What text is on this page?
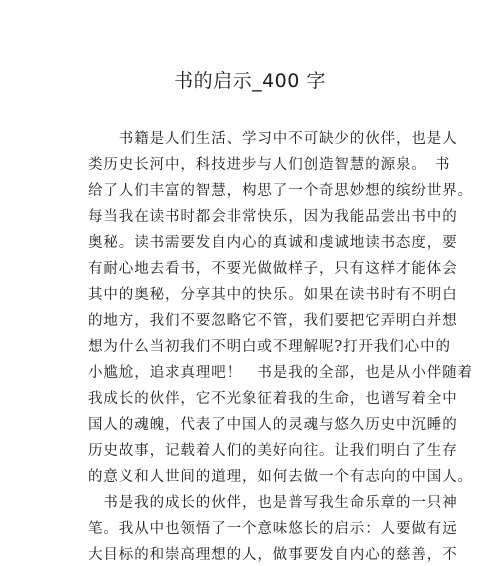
书的启示_400 字
　　书籍是人们生活、学习中不可缺少的伙伴，也是人
类历史长河中，科技进步与人们创造智慧的源泉。　书
给了人们丰富的智慧，构思了一个奇思妙想的缤纷世界。
每当我在读书时都会非常快乐，因为我能品尝出书中的
奥秘。读书需要发自内心的真诚和虔诚地读书态度，要
有耐心地去看书，不要光做做样子，只有这样才能体会
其中的奥秘，分享其中的快乐。如果在读书时有不明白
的地方，我们不要忽略它不管，我们要把它弄明白并想
想为什么当初我们不明白或不理解呢?打开我们心中的
小尴尬，追求真理吧！　书是我的全部，也是从小伴随着
我成长的伙伴，它不光象征着我的生命，也谱写着全中
国人的魂魄，代表了中国人的灵魂与悠久历史中沉睡的
历史故事，记载着人们的美好向往。让我们明白了生存
的意义和人世间的道理，如何去做一个有志向的中国人。
　书是我的成长的伙伴，也是普写我生命乐章的一只神
笔。我从中也领悟了一个意味悠长的启示：人要做有远
大目标的和崇高理想的人，做事要发自内心的慈善，不
